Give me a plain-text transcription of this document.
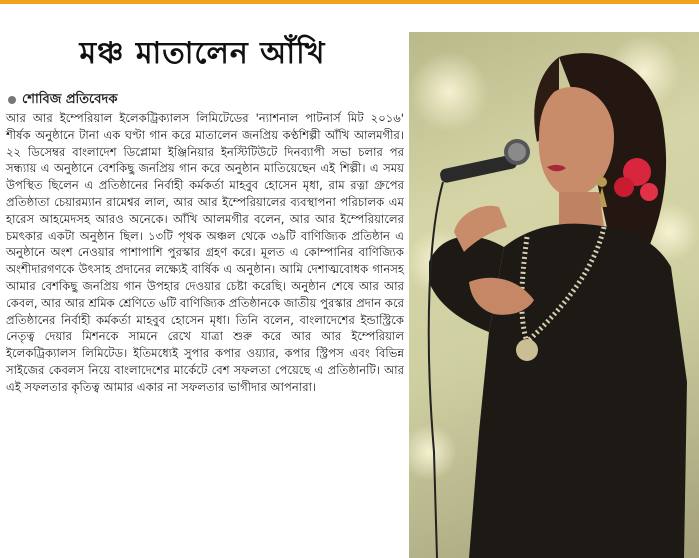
মঞ্চ মাতালেন আঁখি
শোবিজ প্রতিবেদক

আর আর ইম্পেরিয়াল ইলেকট্রিক্যালস লিমিটেডের 'ন্যাশনাল পাটনার্স মিট ২০১৬' শীর্ষক অনুষ্ঠানে টানা এক ঘণ্টা গান করে মাতালেন জনপ্রিয় কণ্ঠশিল্পী আঁখি আলমগীর। ২২ ডিসেম্বর বাংলাদেশ ডিপ্লোমা ইঞ্জিনিয়ার ইনস্টিটিউটে দিনব্যাপী সভা চলার পর সন্ধ্যায় এ অনুষ্ঠানে বেশকিছু জনপ্রিয় গান করে অনুষ্ঠান মাতিয়েছেন এই শিল্পী। এ সময় উপস্থিত ছিলেন এ প্রতিষ্ঠানের নির্বাহী কর্মকর্তা মাহবুব হোসেন মৃধা, রাম রত্না গ্রুপের প্রতিষ্ঠাতা চেয়ারম্যান রামেশ্বর লাল, আর আর ইম্পেরিয়ালের ব্যবস্থাপনা পরিচালক এম হারেস আহমেদসহ আরও অনেকে। আঁখি আলমগীর বলেন, আর আর ইম্পেরিয়ালের চমৎকার একটা অনুষ্ঠান ছিল। ১৩টি পৃথক অঞ্চল থেকে ৩৯টি বাণিজ্যিক প্রতিষ্ঠান এ অনুষ্ঠানে অংশ নেওয়ার পাশাপাশি পুরস্কার গ্রহণ করে। মূলত এ কোম্পানির বাণিজ্যিক অংশীদারগণকে উৎসাহ প্রদানের লক্ষ্যেই বার্ষিক এ অনুষ্ঠান। আমি দেশাত্মবোধক গানসহ আমার বেশকিছু জনপ্রিয় গান উপহার দেওয়ার চেষ্টা করেছি। অনুষ্ঠান শেষে আর আর কেবল, আর আর শ্রমিক শ্রেণিতে ৬টি বাণিজ্যিক প্রতিষ্ঠানকে জাতীয় পুরস্কার প্রদান করে প্রতিষ্ঠানের নির্বাহী কর্মকর্তা মাহবুব হোসেন মৃধা। তিনি বলেন, বাংলাদেশের ইন্ডাস্ট্রিকে নেতৃত্ব দেয়ার মিশনকে সামনে রেখে যাত্রা শুরু করে আর আর ইম্পেরিয়াল ইলেকট্রিক্যালস লিমিটেড। ইতিমধ্যেই সুপার কপার ওয়্যার, কপার স্ট্রিপস এবং বিভিন্ন সাইজের কেবলস নিয়ে বাংলাদেশের মার্কেটে বেশ সফলতা পেয়েছে এ প্রতিষ্ঠানটি। আর এই সফলতার কৃতিত্ব আমার একার না সফলতার ভাগীদার আপনারা।
